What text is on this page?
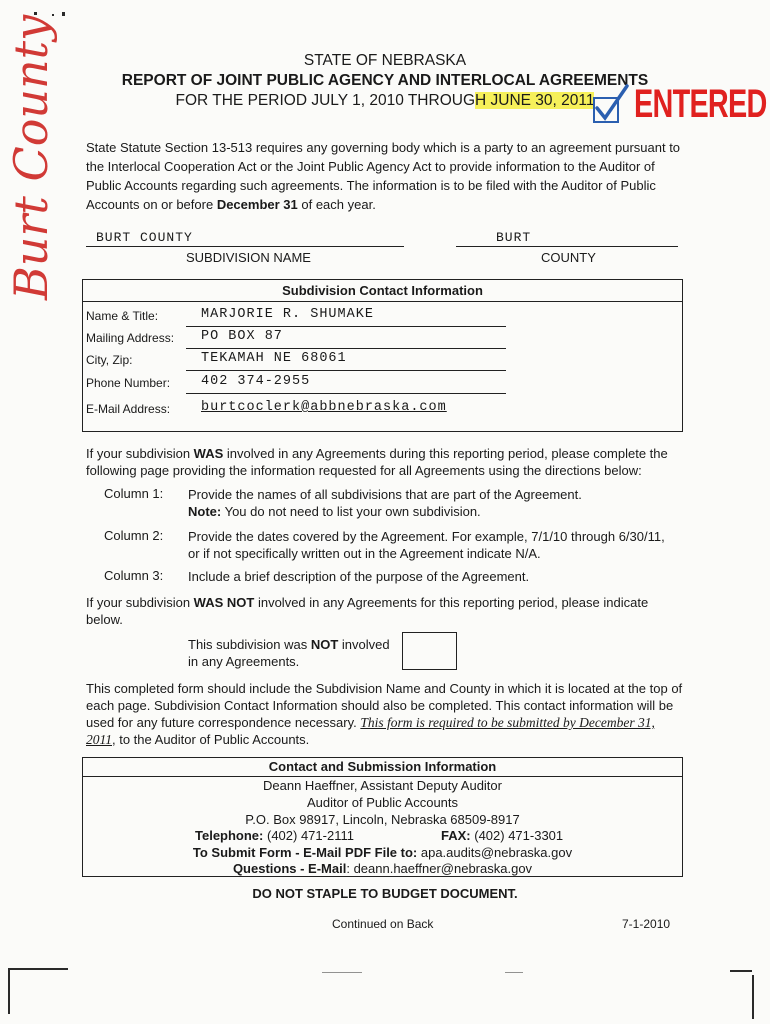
Burt County	STATE OF NEBRASKA
REPORT OF JOINT PUBLIC AGENCY AND INTERLOCAL AGREEMENTS
FOR THE PERIOD JULY 1, 2010 THROUGH JUNE 30, 2011 ENTERED
State Statute Section 13-513 requires any governing body which is a party to an agreement pursuant to the Interlocal Cooperation Act or the Joint Public Agency Act to provide information to the Auditor of Public Accounts regarding such agreements. The information is to be filed with the Auditor of Public Accounts on or before December 31 of each year.
BURT COUNTY	BURT
SUBDIVISION NAME	COUNTY
Subdivision Contact Information
Name & Title:	MARJORIE R. SHUMAKE
Mailing Address: PO BOX 87
City, Zip:	TEKAMAH NE 68061
Phone Number: 402 374-2955
E-Mail Address: burtcoclerk@abbnebraska.com
If your subdivision WAS involved in any Agreements during this reporting period, please complete the following page providing the information requested for all Agreements using the directions below:
Column 1: Provide the names of all subdivisions that are part of the Agreement.
Note: You do not need to list your own subdivision.
Column 2: Provide the dates covered by the Agreement. For example, 7/1/10 through 6/30/11, or if not specifically written out in the Agreement indicate N/A.
Column 3: Include a brief description of the purpose of the Agreement.
If your subdivision WAS NOT involved in any Agreements for this reporting period, please indicate below.
This subdivision was NOT involved in any Agreements.
This completed form should include the Subdivision Name and County in which it is located at the top of each page. Subdivision Contact Information should also be completed. This contact information will be used for any future correspondence necessary. This form is required to be submitted by December 31, 2011, to the Auditor of Public Accounts.
Contact and Submission Information
Deann Haeffner, Assistant Deputy Auditor
Auditor of Public Accounts
P.O. Box 98917, Lincoln, Nebraska 68509-8917
Telephone: (402) 471-2111	FAX: (402) 471-3301
To Submit Form - E-Mail PDF File to: apa.audits@nebraska.gov
Questions - E-Mail: deann.haeffner@nebraska.gov
DO NOT STAPLE TO BUDGET DOCUMENT.
Continued on Back	7-1-2010
